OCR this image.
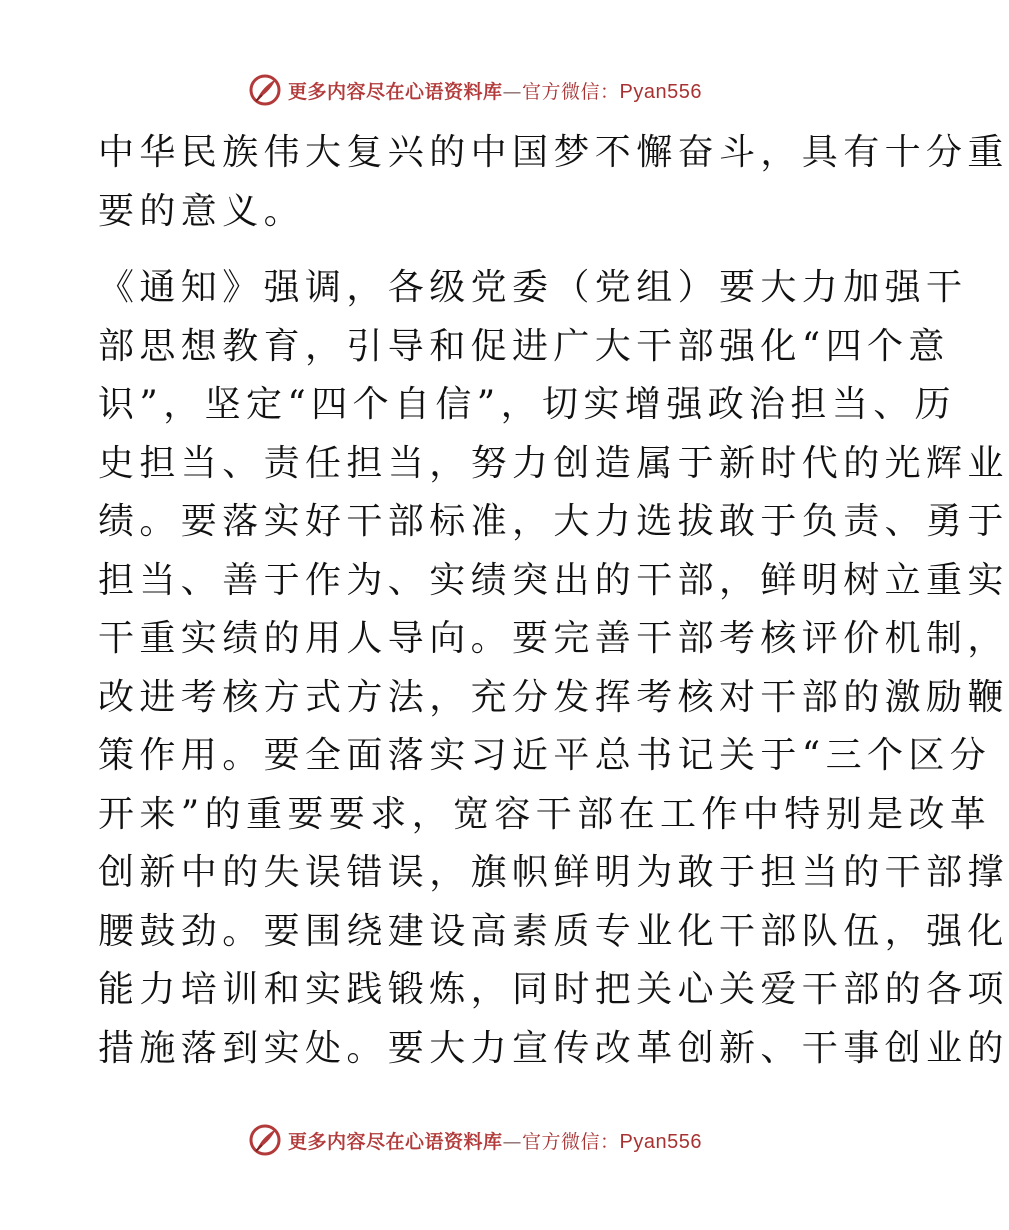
更多内容尽在心语资料库—官方微信：Pyan556
中华民族伟大复兴的中国梦不懈奋斗，具有十分重
要的意义。
《通知》强调，各级党委（党组）要大力加强干
部思想教育，引导和促进广大干部强化“四个意
识”，坚定“四个自信”，切实增强政治担当、历
史担当、责任担当，努力创造属于新时代的光辉业
绩。要落实好干部标准，大力选拔敢于负责、勇于
担当、善于作为、实绩突出的干部，鲜明树立重实
干重实绩的用人导向。要完善干部考核评价机制，
改进考核方式方法，充分发挥考核对干部的激励鞭
策作用。要全面落实习近平总书记关于“三个区分
开来”的重要要求，宽容干部在工作中特别是改革
创新中的失误错误，旗帜鲜明为敢于担当的干部撑
腰鼓劲。要围绕建设高素质专业化干部队伍，强化
能力培训和实践锻炼，同时把关心关爱干部的各项
措施落到实处。要大力宣传改革创新、干事创业的
更多内容尽在心语资料库—官方微信：Pyan556
